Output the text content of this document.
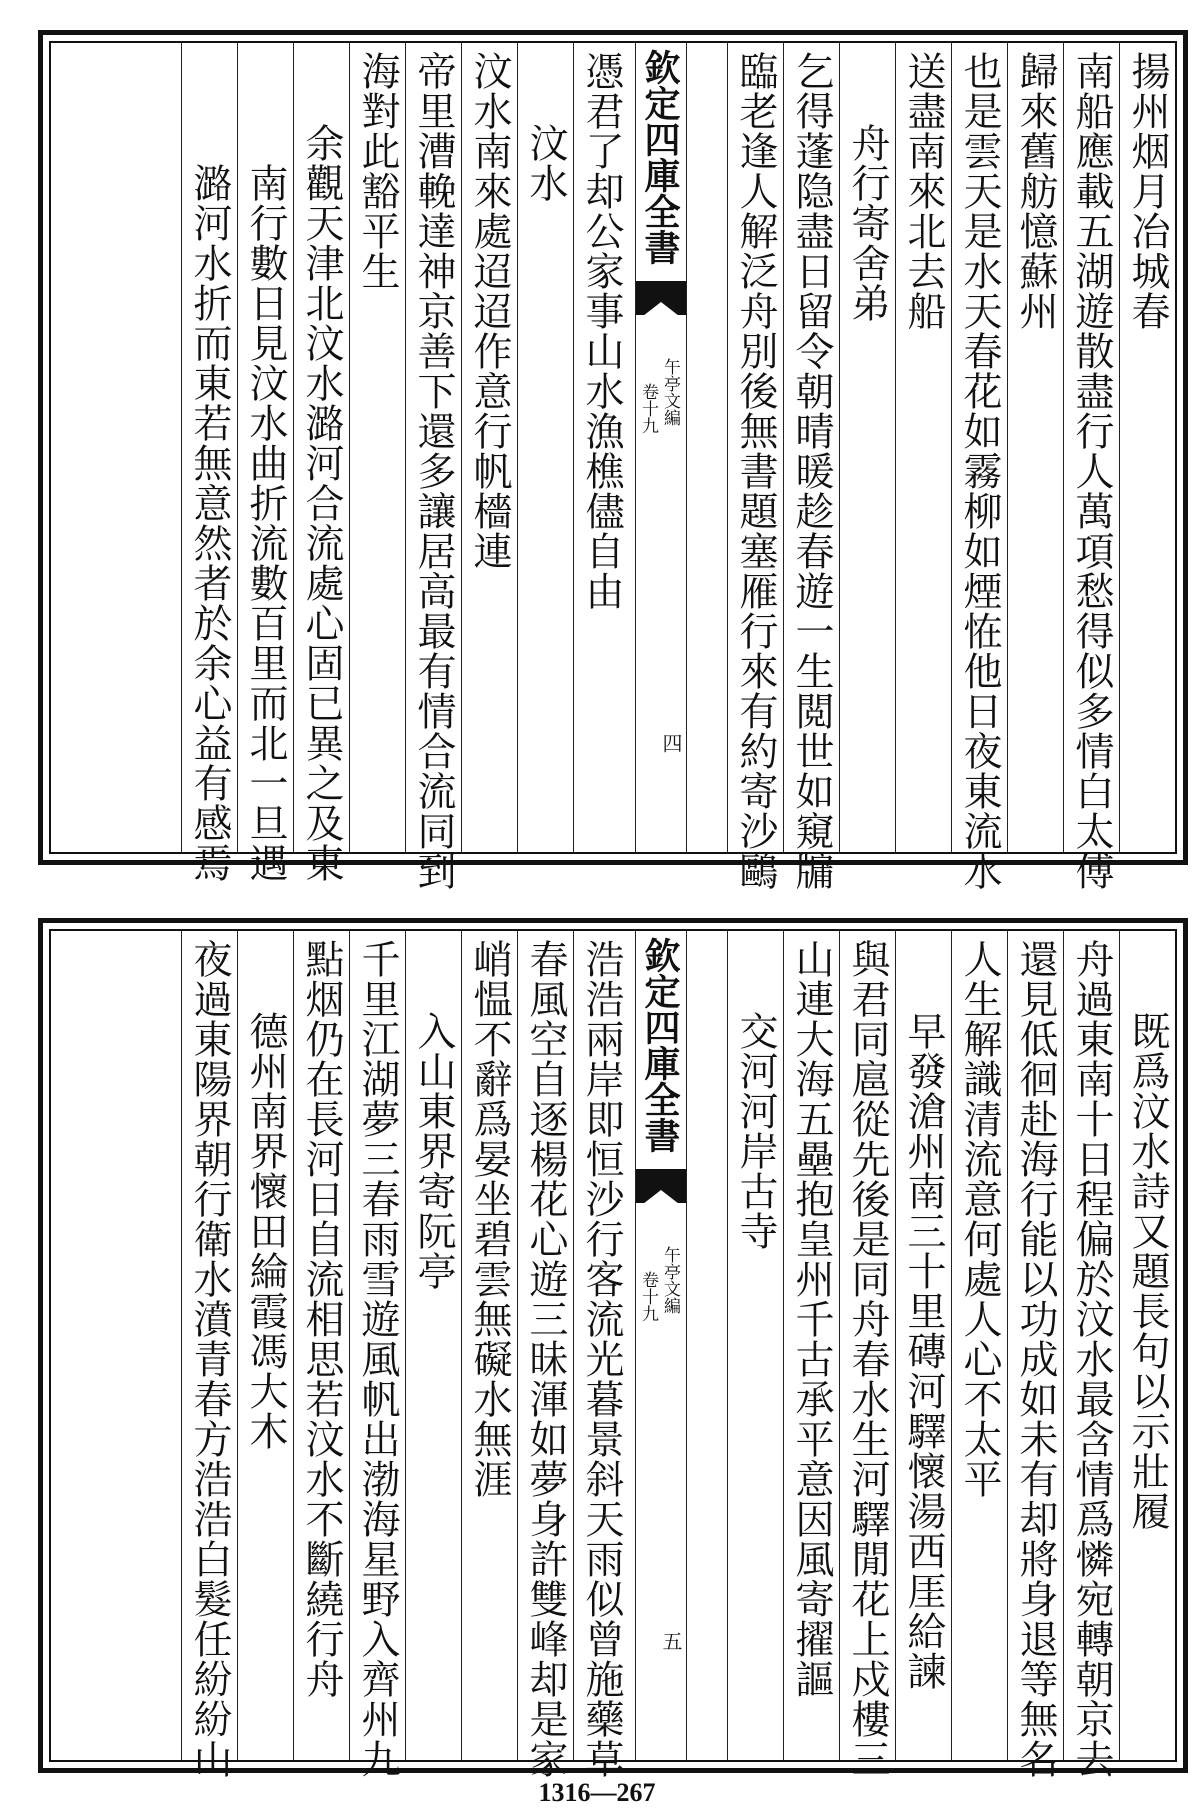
揚州烟月冶城春
南船應載五湖遊散盡行人萬項愁得似多情白太傅
歸來舊舫憶蘇州
也是雲天是水天春花如霧柳如煙恠他日夜東流水
送盡南來北去船
舟行寄舍弟
乞得蓬隐盡日留令朝晴暖趁春遊一生閲世如窺牖
臨老逢人解泛舟別後無書題塞雁行來有約寄沙鷗
欽定四庫全書
卷十九 午亭文編
四
憑君了却公家事山水漁樵儘自由
汶水
汶水南來處迢迢作意行帆檣連
帝里漕輓達神京善下還多讓居高最有情合流同到
海對此豁平生
余觀天津北汶水潞河合流處心固已異之及東
南行數日見汶水曲折流數百里而北一旦遇
潞河水折而東若無意然者於余心益有感焉
既爲汶水詩又題長句以示壯履
舟過東南十日程偏於汶水最含情爲憐宛轉朝京去
還見低徊赴海行能以功成如未有却將身退等無名
人生解識清流意何處人心不太平
早發滄州南三十里磚河驛懷湯西厓給諫
與君同扈從先後是同舟春水生河驛閒花上戍樓三
山連大海五壘抱皇州千古承平意因風寄擢謳
交河河岸古寺
欽定四庫全書
卷十九 午亭文編
五
浩浩兩岸即恒沙行客流光暮景斜天雨似曾施藥草
春風空自逐楊花心遊三昧渾如夢身許雙峰却是家
峭愠不辭爲晏坐碧雲無礙水無涯
入山東界寄阮亭
千里江湖夢三春雨雪遊風帆出渤海星野入齊州九
點烟仍在長河日自流相思若汶水不斷繞行舟
德州南界懷田綸霞馮大木
夜過東陽界朝行衛水濆青春方浩浩白髮任紛紛山
1316—267
